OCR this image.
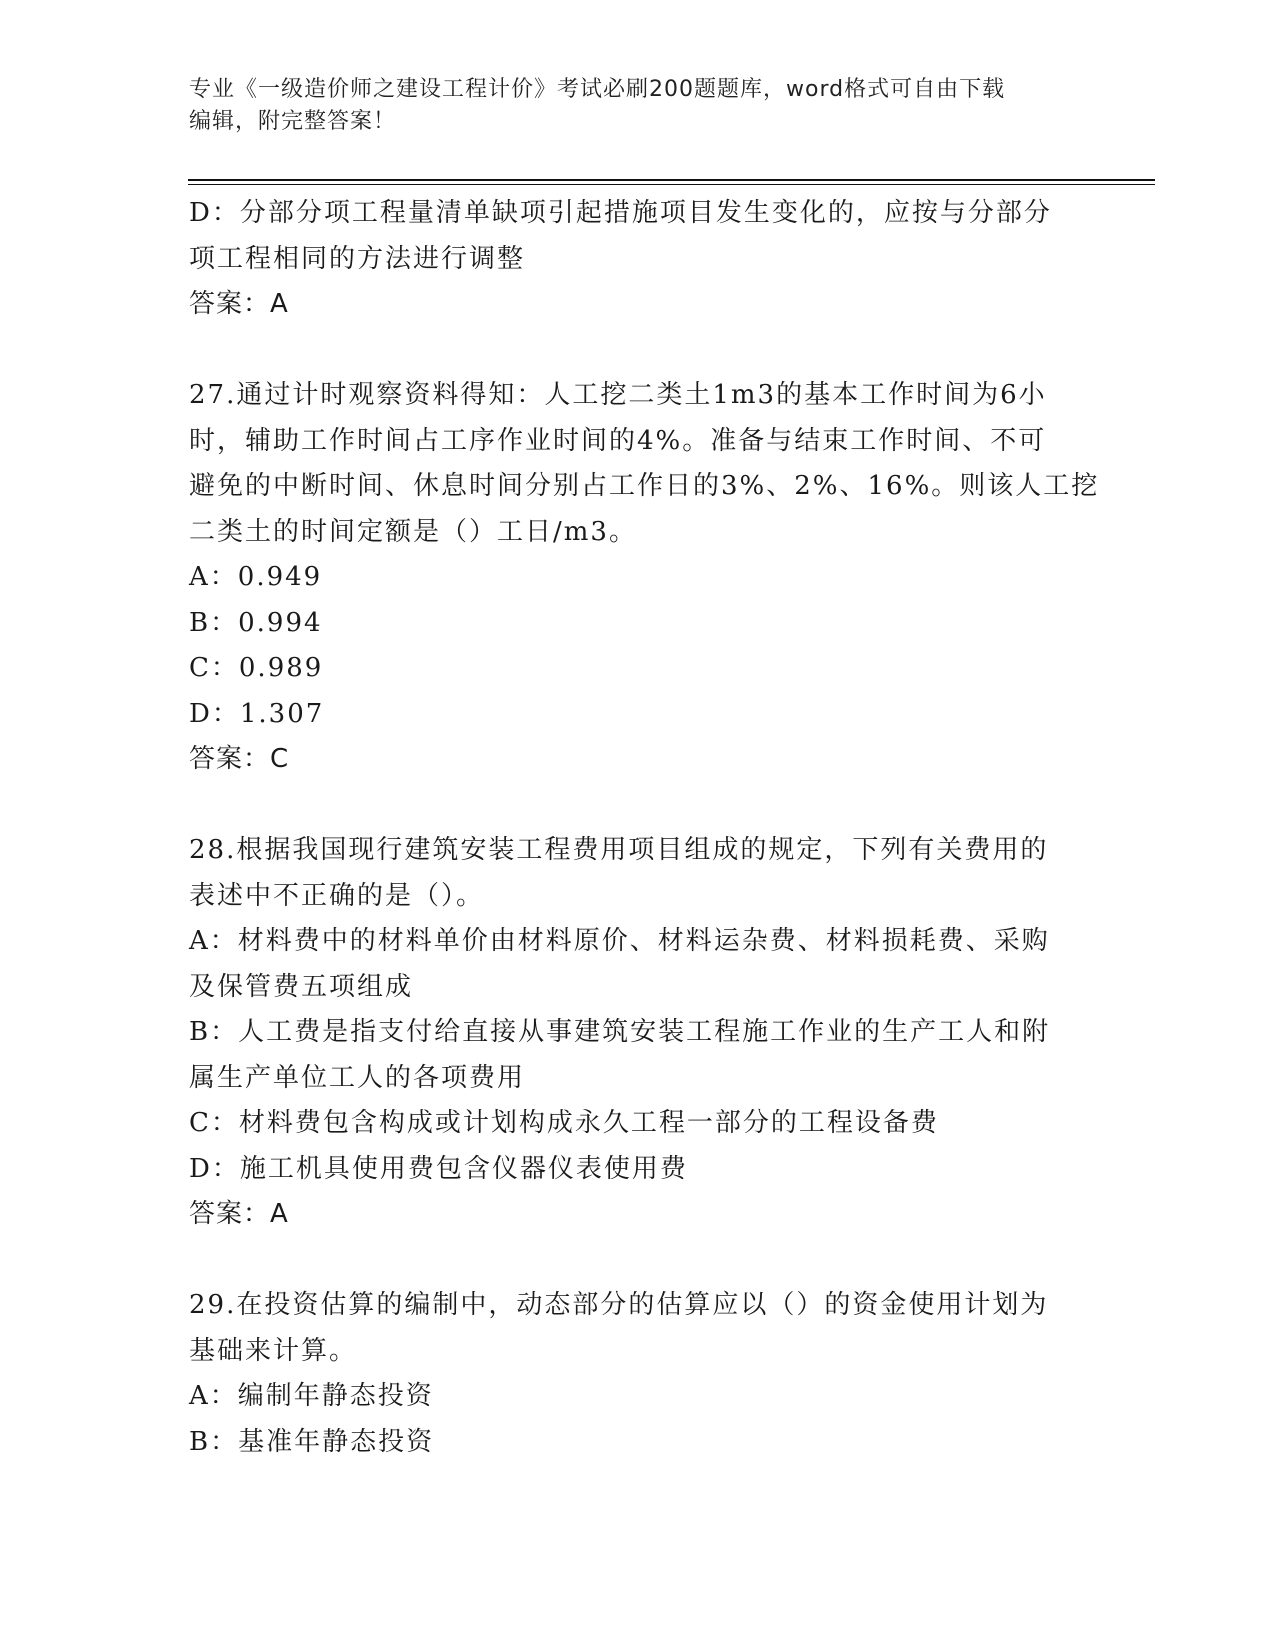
专业《一级造价师之建设工程计价》考试必刷200题题库，word格式可自由下载
编辑，附完整答案！

D：分部分项工程量清单缺项引起措施项目发生变化的，应按与分部分

项工程相同的方法进行调整

答案：A

27.通过计时观察资料得知：人工挖二类土1m3的基本工作时间为6小

时，辅助工作时间占工序作业时间的4%。准备与结束工作时间、不可

避免的中断时间、休息时间分别占工作日的3%、2%、16%。则该人工挖

二类土的时间定额是（）工日/m3。

A：0.949

B：0.994

C：0.989

D：1.307

答案：C

28.根据我国现行建筑安装工程费用项目组成的规定，下列有关费用的

表述中不正确的是（）。

A：材料费中的材料单价由材料原价、材料运杂费、材料损耗费、采购

及保管费五项组成

B：人工费是指支付给直接从事建筑安装工程施工作业的生产工人和附

属生产单位工人的各项费用

C：材料费包含构成或计划构成永久工程一部分的工程设备费

D：施工机具使用费包含仪器仪表使用费

答案：A

29.在投资估算的编制中，动态部分的估算应以（）的资金使用计划为

基础来计算。

A：编制年静态投资

B：基准年静态投资
